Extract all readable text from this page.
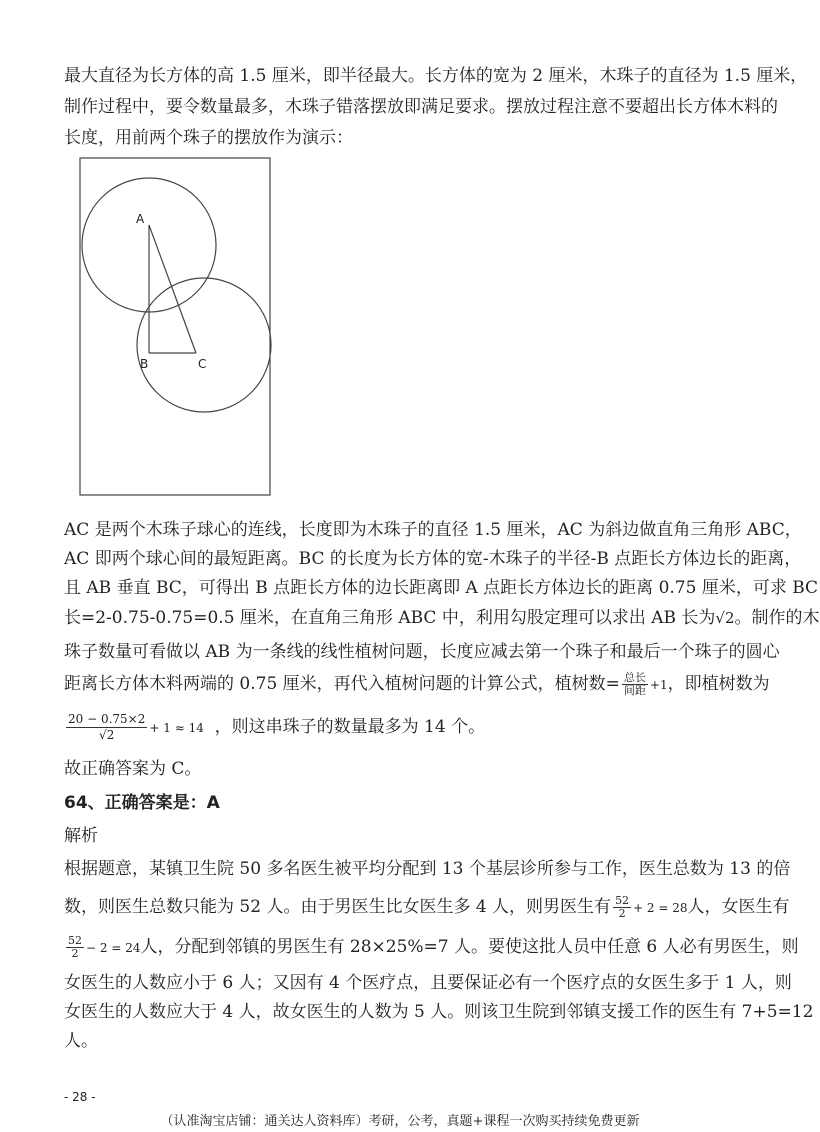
最大直径为长方体的高 1.5 厘米，即半径最大。长方体的宽为 2 厘米，木珠子的直径为 1.5 厘米，
制作过程中，要令数量最多，木珠子错落摆放即满足要求。摆放过程注意不要超出长方体木料的
长度，用前两个珠子的摆放作为演示：
A
B	C
AC 是两个木珠子球心的连线，长度即为木珠子的直径 1.5 厘米，AC 为斜边做直角三角形 ABC，
AC 即两个球心间的最短距离。BC 的长度为长方体的宽-木珠子的半径-B 点距长方体边长的距离，
且 AB 垂直 BC，可得出 B 点距长方体的边长距离即 A 点距长方体边长的距离 0.75 厘米，可求 BC
长=2-0.75-0.75=0.5 厘米，在直角三角形 ABC 中，利用勾股定理可以求出 AB 长为√2。制作的木
珠子数量可看做以 AB 为一条线的线性植树问题，长度应减去第一个珠子和最后一个珠子的圆心
距离长方体木料两端的 0.75 厘米，再代入植树问题的计算公式，植树数= $\frac{\text{总长}}{\text{间距}} +1$，即植树数为
$\frac{20 - 0.75\times 2}{√2} + 1 \approx 14$ ，则这串珠子的数量最多为 14 个。
故正确答案为 C。
64、正确答案是：A
解析
根据题意，某镇卫生院 50 多名医生被平均分配到 13 个基层诊所参与工作，医生总数为 13 的倍
数，则医生总数只能为 52 人。由于男医生比女医生多 4 人，则男医生有 $\frac{52}{2} + 2 = 28$人，女医生有
$\frac{52}{2} - 2 = 24$人，分配到邻镇的男医生有 28×25%=7 人。要使这批人员中任意 6 人必有男医生，则
女医生的人数应小于 6 人；又因有 4 个医疗点，且要保证必有一个医疗点的女医生多于 1 人，则
女医生的人数应大于 4 人，故女医生的人数为 5 人。则该卫生院到邻镇支援工作的医生有 7+5=12
人。
- 28 -
（认准淘宝店铺：通关达人资料库）考研，公考，真题+课程一次购买持续免费更新
